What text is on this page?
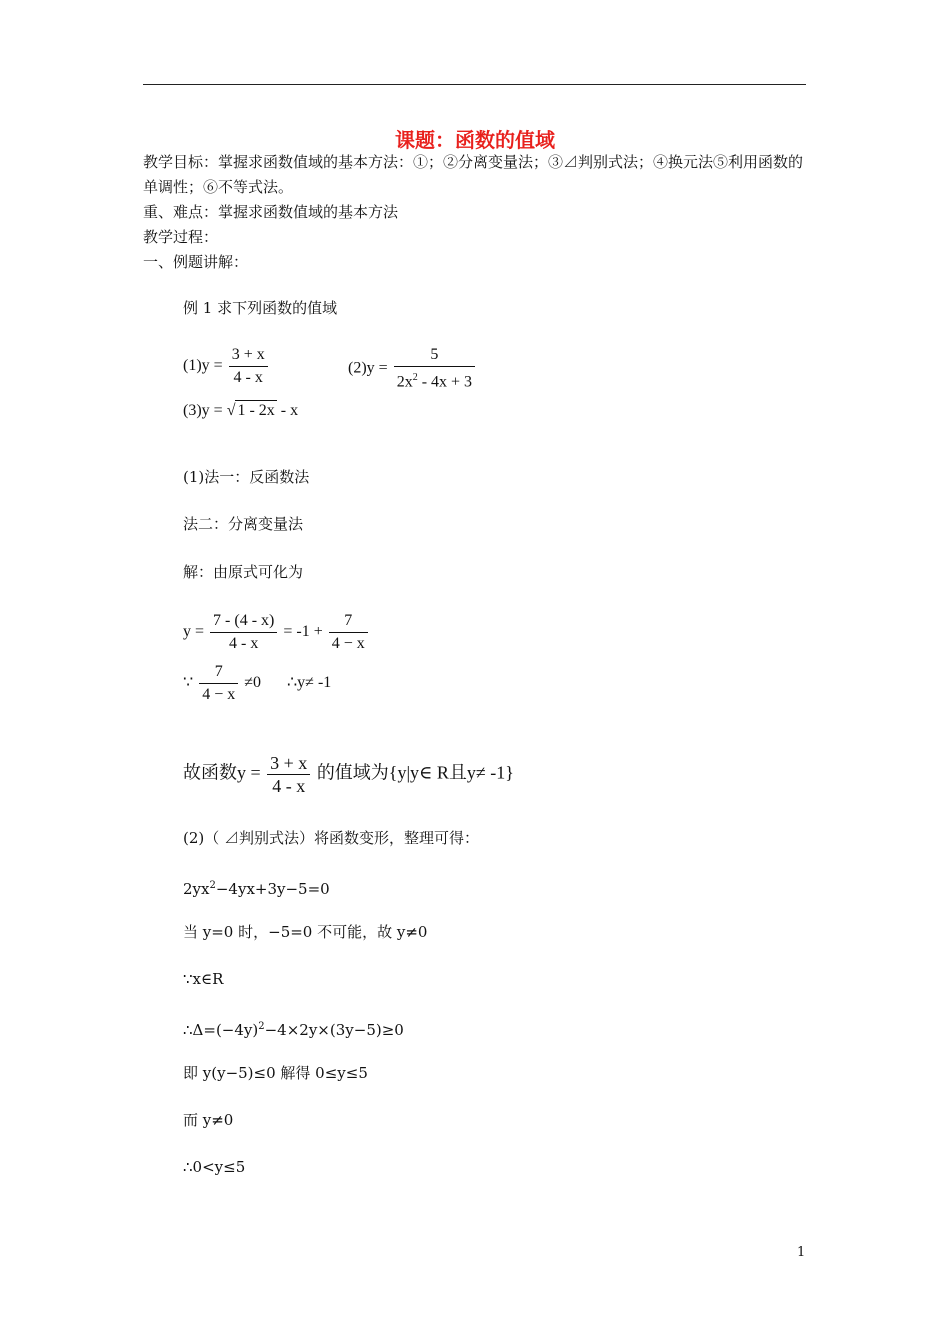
课题：函数的值域
教学目标：掌握求函数值域的基本方法：①；②分离变量法；③⊿判别式法；④换元法⑤利用函数的单调性；⑥不等式法。
重、难点：掌握求函数值域的基本方法
教学过程：
一、例题讲解：
例 1 求下列函数的值域
$(1)y = \frac{3 + x}{4 - x}$	$(2)y = \frac{5}{2x^2 - 4x + 3}$
(3)y = √ 1 - 2x - x
(1)法一：反函数法
法二：分离变量法
解：由原式可化为
$y = \frac{7 - (4 - x)}{4 - x} = -1 + \frac{7}{4 - x}$
∵ $\frac{7}{4 - x} \ne 0$ ∴y≠ -1
故函数$y = \frac{3 + x}{4 - x}$ 的值域为{y|y∈ R且y≠ -1}
(2)（ ⊿判别式法）将函数变形，整理可得：
$2yx^2-4yx+3y-5=0$
当 y=0 时，−5=0 不可能，故 y≠0
∵x∈R
$\therefore\Delta=(-4y)^2-4\times 2y\times(3y-5)\ge 0$
即 y(y−5)≤0 解得 0≤y≤5
而 y≠0
∴0<y≤5
1
